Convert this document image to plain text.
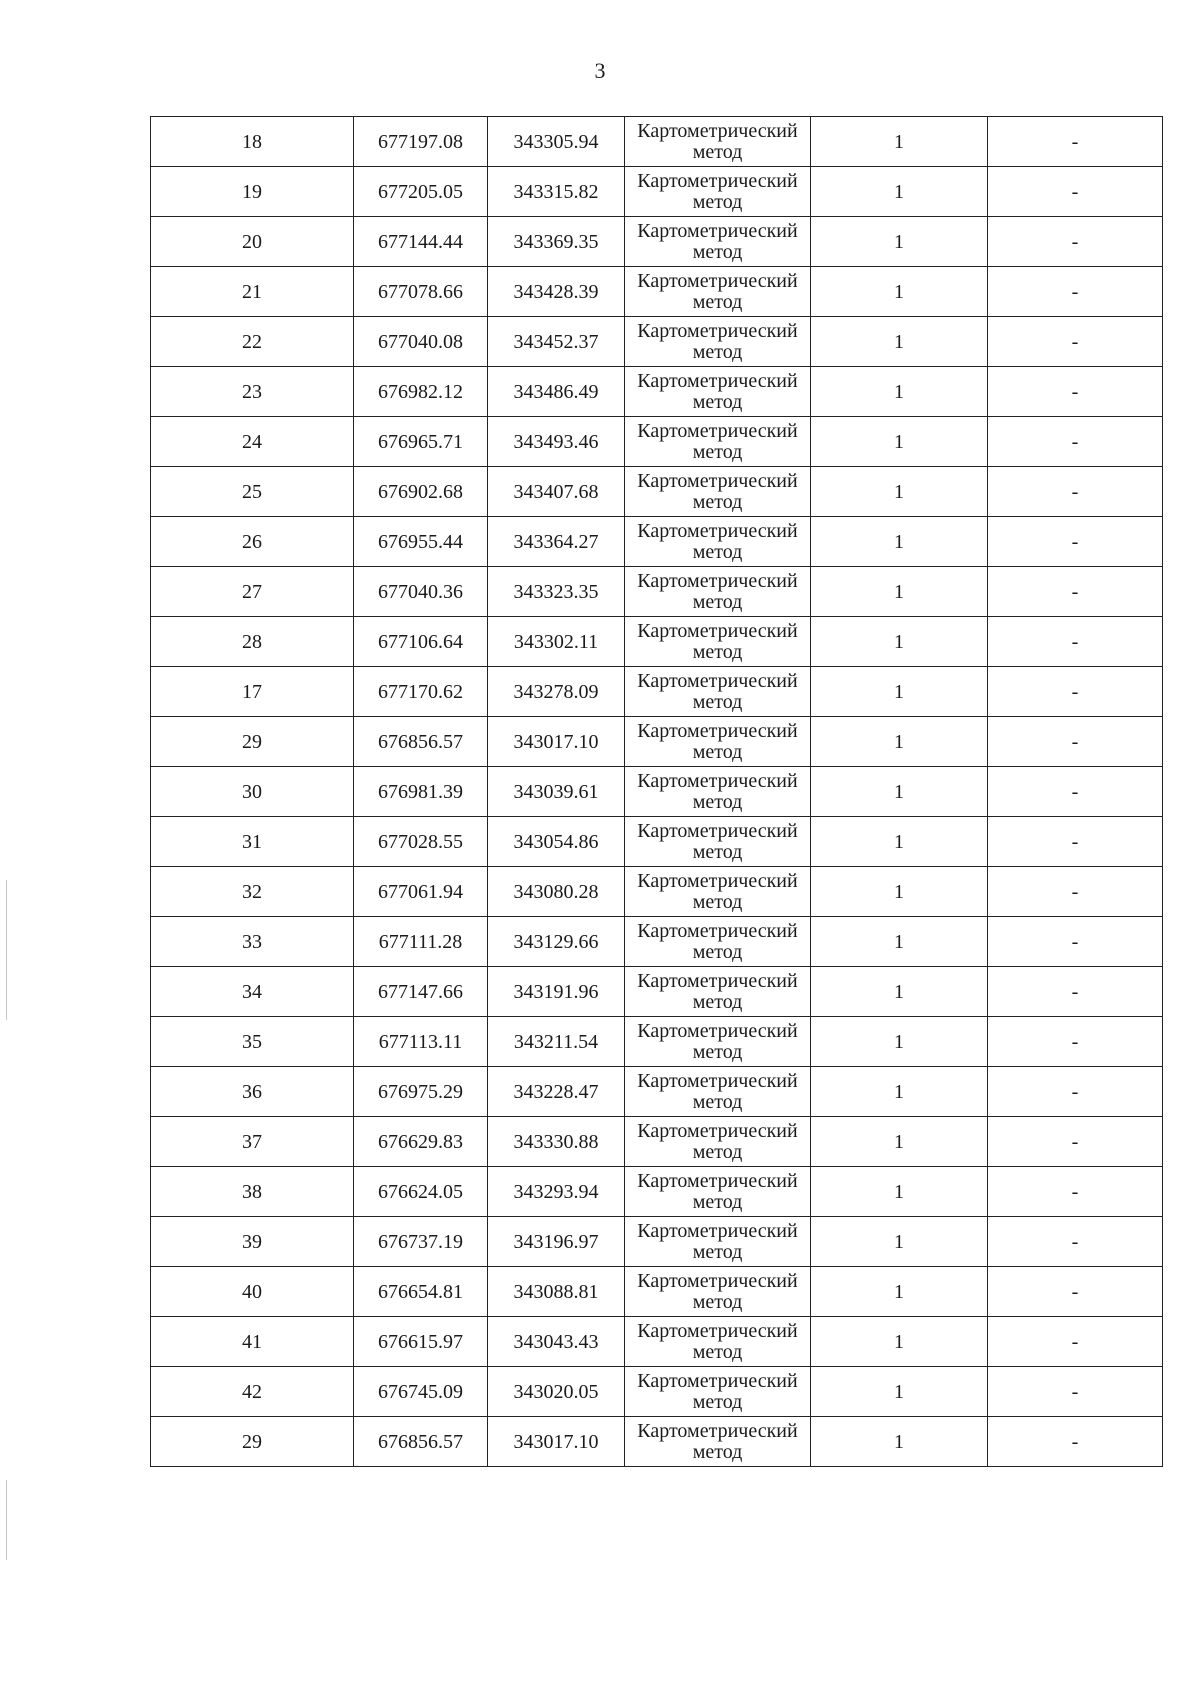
3
18	677197.08	343305.94	Картометрический метод	1	-
19	677205.05	343315.82	Картометрический метод	1	-
20	677144.44	343369.35	Картометрический метод	1	-
21	677078.66	343428.39	Картометрический метод	1	-
22	677040.08	343452.37	Картометрический метод	1	-
23	676982.12	343486.49	Картометрический метод	1	-
24	676965.71	343493.46	Картометрический метод	1	-
25	676902.68	343407.68	Картометрический метод	1	-
26	676955.44	343364.27	Картометрический метод	1	-
27	677040.36	343323.35	Картометрический метод	1	-
28	677106.64	343302.11	Картометрический метод	1	-
17	677170.62	343278.09	Картометрический метод	1	-
29	676856.57	343017.10	Картометрический метод	1	-
30	676981.39	343039.61	Картометрический метод	1	-
31	677028.55	343054.86	Картометрический метод	1	-
32	677061.94	343080.28	Картометрический метод	1	-
33	677111.28	343129.66	Картометрический метод	1	-
34	677147.66	343191.96	Картометрический метод	1	-
35	677113.11	343211.54	Картометрический метод	1	-
36	676975.29	343228.47	Картометрический метод	1	-
37	676629.83	343330.88	Картометрический метод	1	-
38	676624.05	343293.94	Картометрический метод	1	-
39	676737.19	343196.97	Картометрический метод	1	-
40	676654.81	343088.81	Картометрический метод	1	-
41	676615.97	343043.43	Картометрический метод	1	-
42	676745.09	343020.05	Картометрический метод	1	-
29	676856.57	343017.10	Картометрический метод	1	-
